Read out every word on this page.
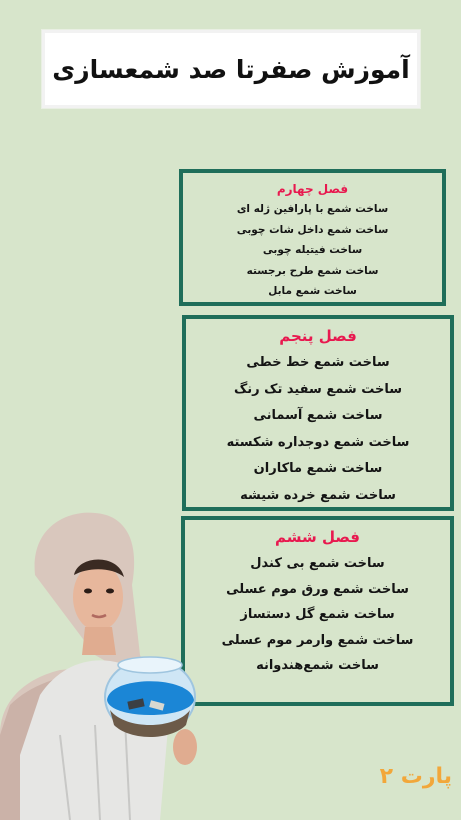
آموزش صفرتا صد شمعسازی
فصل چهارم
ساخت شمع با پارافین ژله ای
ساخت شمع داخل شات چوبی
ساخت فیتیله چوبی
ساخت شمع طرح برجسته
ساخت شمع مابل
فصل پنجم
ساخت شمع خط خطی
ساخت شمع سفید تک رنگ
ساخت شمع آسمانی
ساخت شمع دوجداره شکسته
ساخت شمع ماکاران
ساخت شمع خرده شیشه
فصل ششم
ساخت شمع بی کندل
ساخت شمع ورق موم عسلی
ساخت شمع گل دستساز
ساخت شمع وارمر موم عسلی
ساخت شمع‌هندوانه
پارت ۲
